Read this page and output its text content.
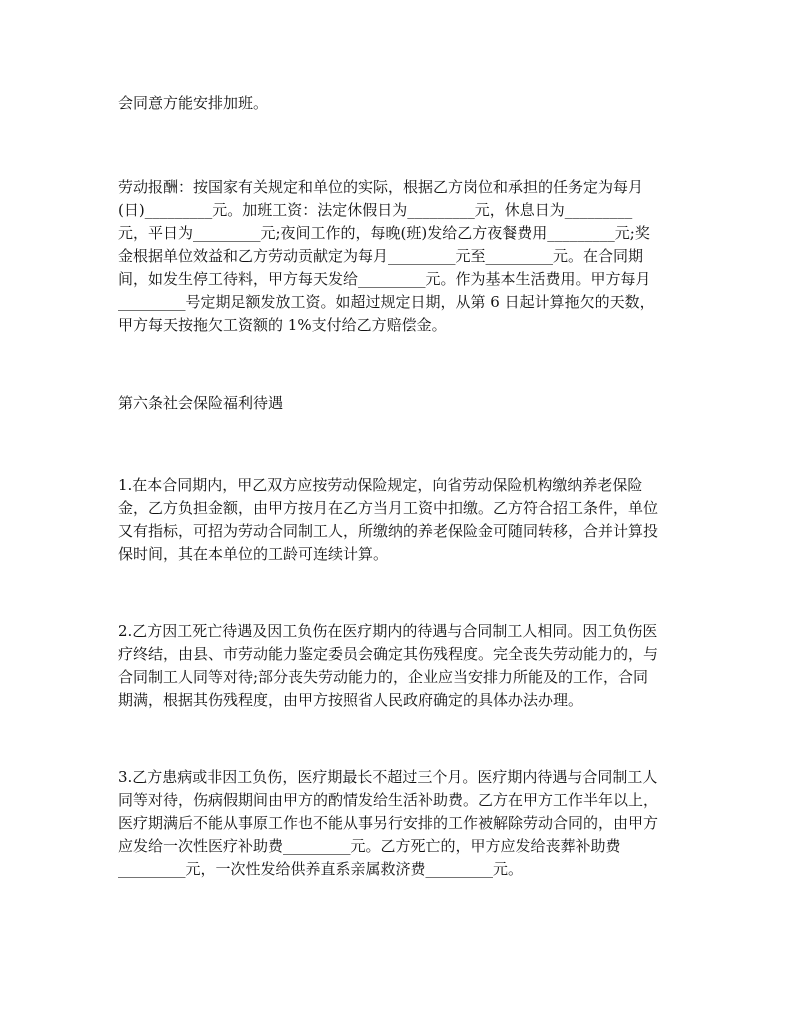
会同意方能安排加班。

劳动报酬：按国家有关规定和单位的实际，根据乙方岗位和承担的任务定为每月
(日)_________元。加班工资：法定休假日为_________元，休息日为_________
元，平日为_________元;夜间工作的，每晚(班)发给乙方夜餐费用_________元;奖
金根据单位效益和乙方劳动贡献定为每月_________元至_________元。在合同期
间，如发生停工待料，甲方每天发给_________元。作为基本生活费用。甲方每月
_________号定期足额发放工资。如超过规定日期，从第 6 日起计算拖欠的天数，
甲方每天按拖欠工资额的 1%支付给乙方赔偿金。

第六条社会保险福利待遇

1.在本合同期内，甲乙双方应按劳动保险规定，向省劳动保险机构缴纳养老保险
金，乙方负担金额，由甲方按月在乙方当月工资中扣缴。乙方符合招工条件，单位
又有指标，可招为劳动合同制工人，所缴纳的养老保险金可随同转移，合并计算投
保时间，其在本单位的工龄可连续计算。

2.乙方因工死亡待遇及因工负伤在医疗期内的待遇与合同制工人相同。因工负伤医
疗终结，由县、市劳动能力鉴定委员会确定其伤残程度。完全丧失劳动能力的，与
合同制工人同等对待;部分丧失劳动能力的，企业应当安排力所能及的工作，合同
期满，根据其伤残程度，由甲方按照省人民政府确定的具体办法办理。

3.乙方患病或非因工负伤，医疗期最长不超过三个月。医疗期内待遇与合同制工人
同等对待，伤病假期间由甲方的酌情发给生活补助费。乙方在甲方工作半年以上，
医疗期满后不能从事原工作也不能从事另行安排的工作被解除劳动合同的，由甲方
应发给一次性医疗补助费_________元。乙方死亡的，甲方应发给丧葬补助费
_________元，一次性发给供养直系亲属救济费_________元。
